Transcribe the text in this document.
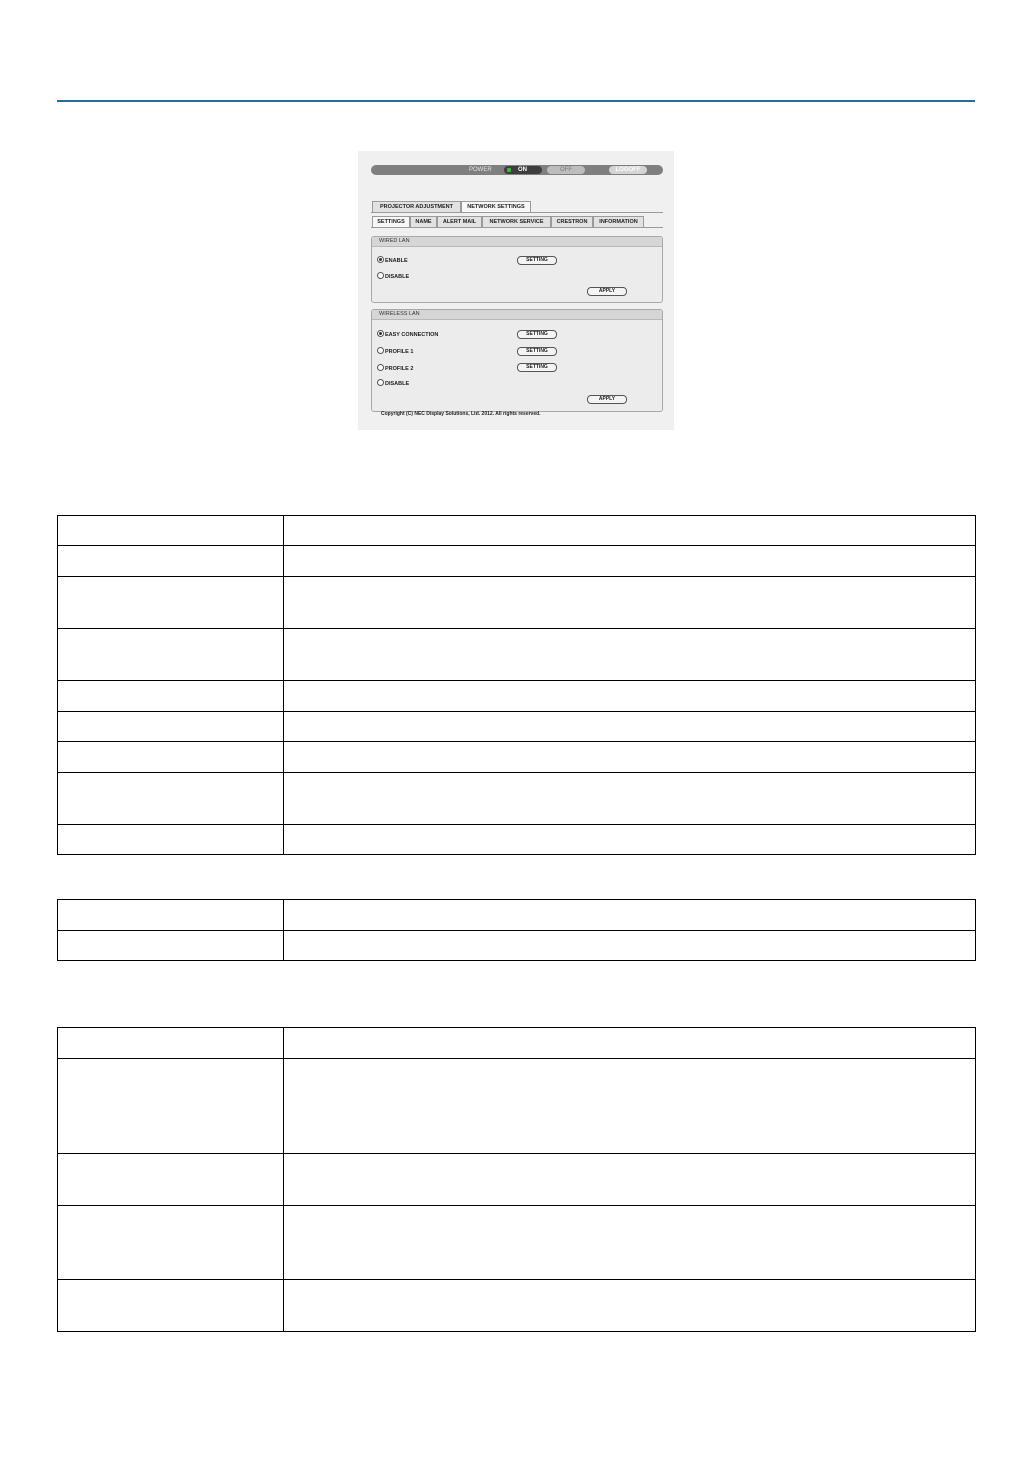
POWER	ON	OFF	LOGOFF
PROJECTOR ADJUSTMENT	NETWORK SETTINGS
SETTINGS	NAME	ALERT MAIL	NETWORK SERVICE	CRESTRON	INFORMATION
WIRED LAN
ENABLE
DISABLE
SETTING
APPLY
WIRELESS LAN
EASY CONNECTION
PROFILE 1
PROFILE 2
DISABLE
SETTING
SETTING
SETTING
APPLY
Copyright (C) NEC Display Solutions, Ltd. 2012. All rights reserved.
